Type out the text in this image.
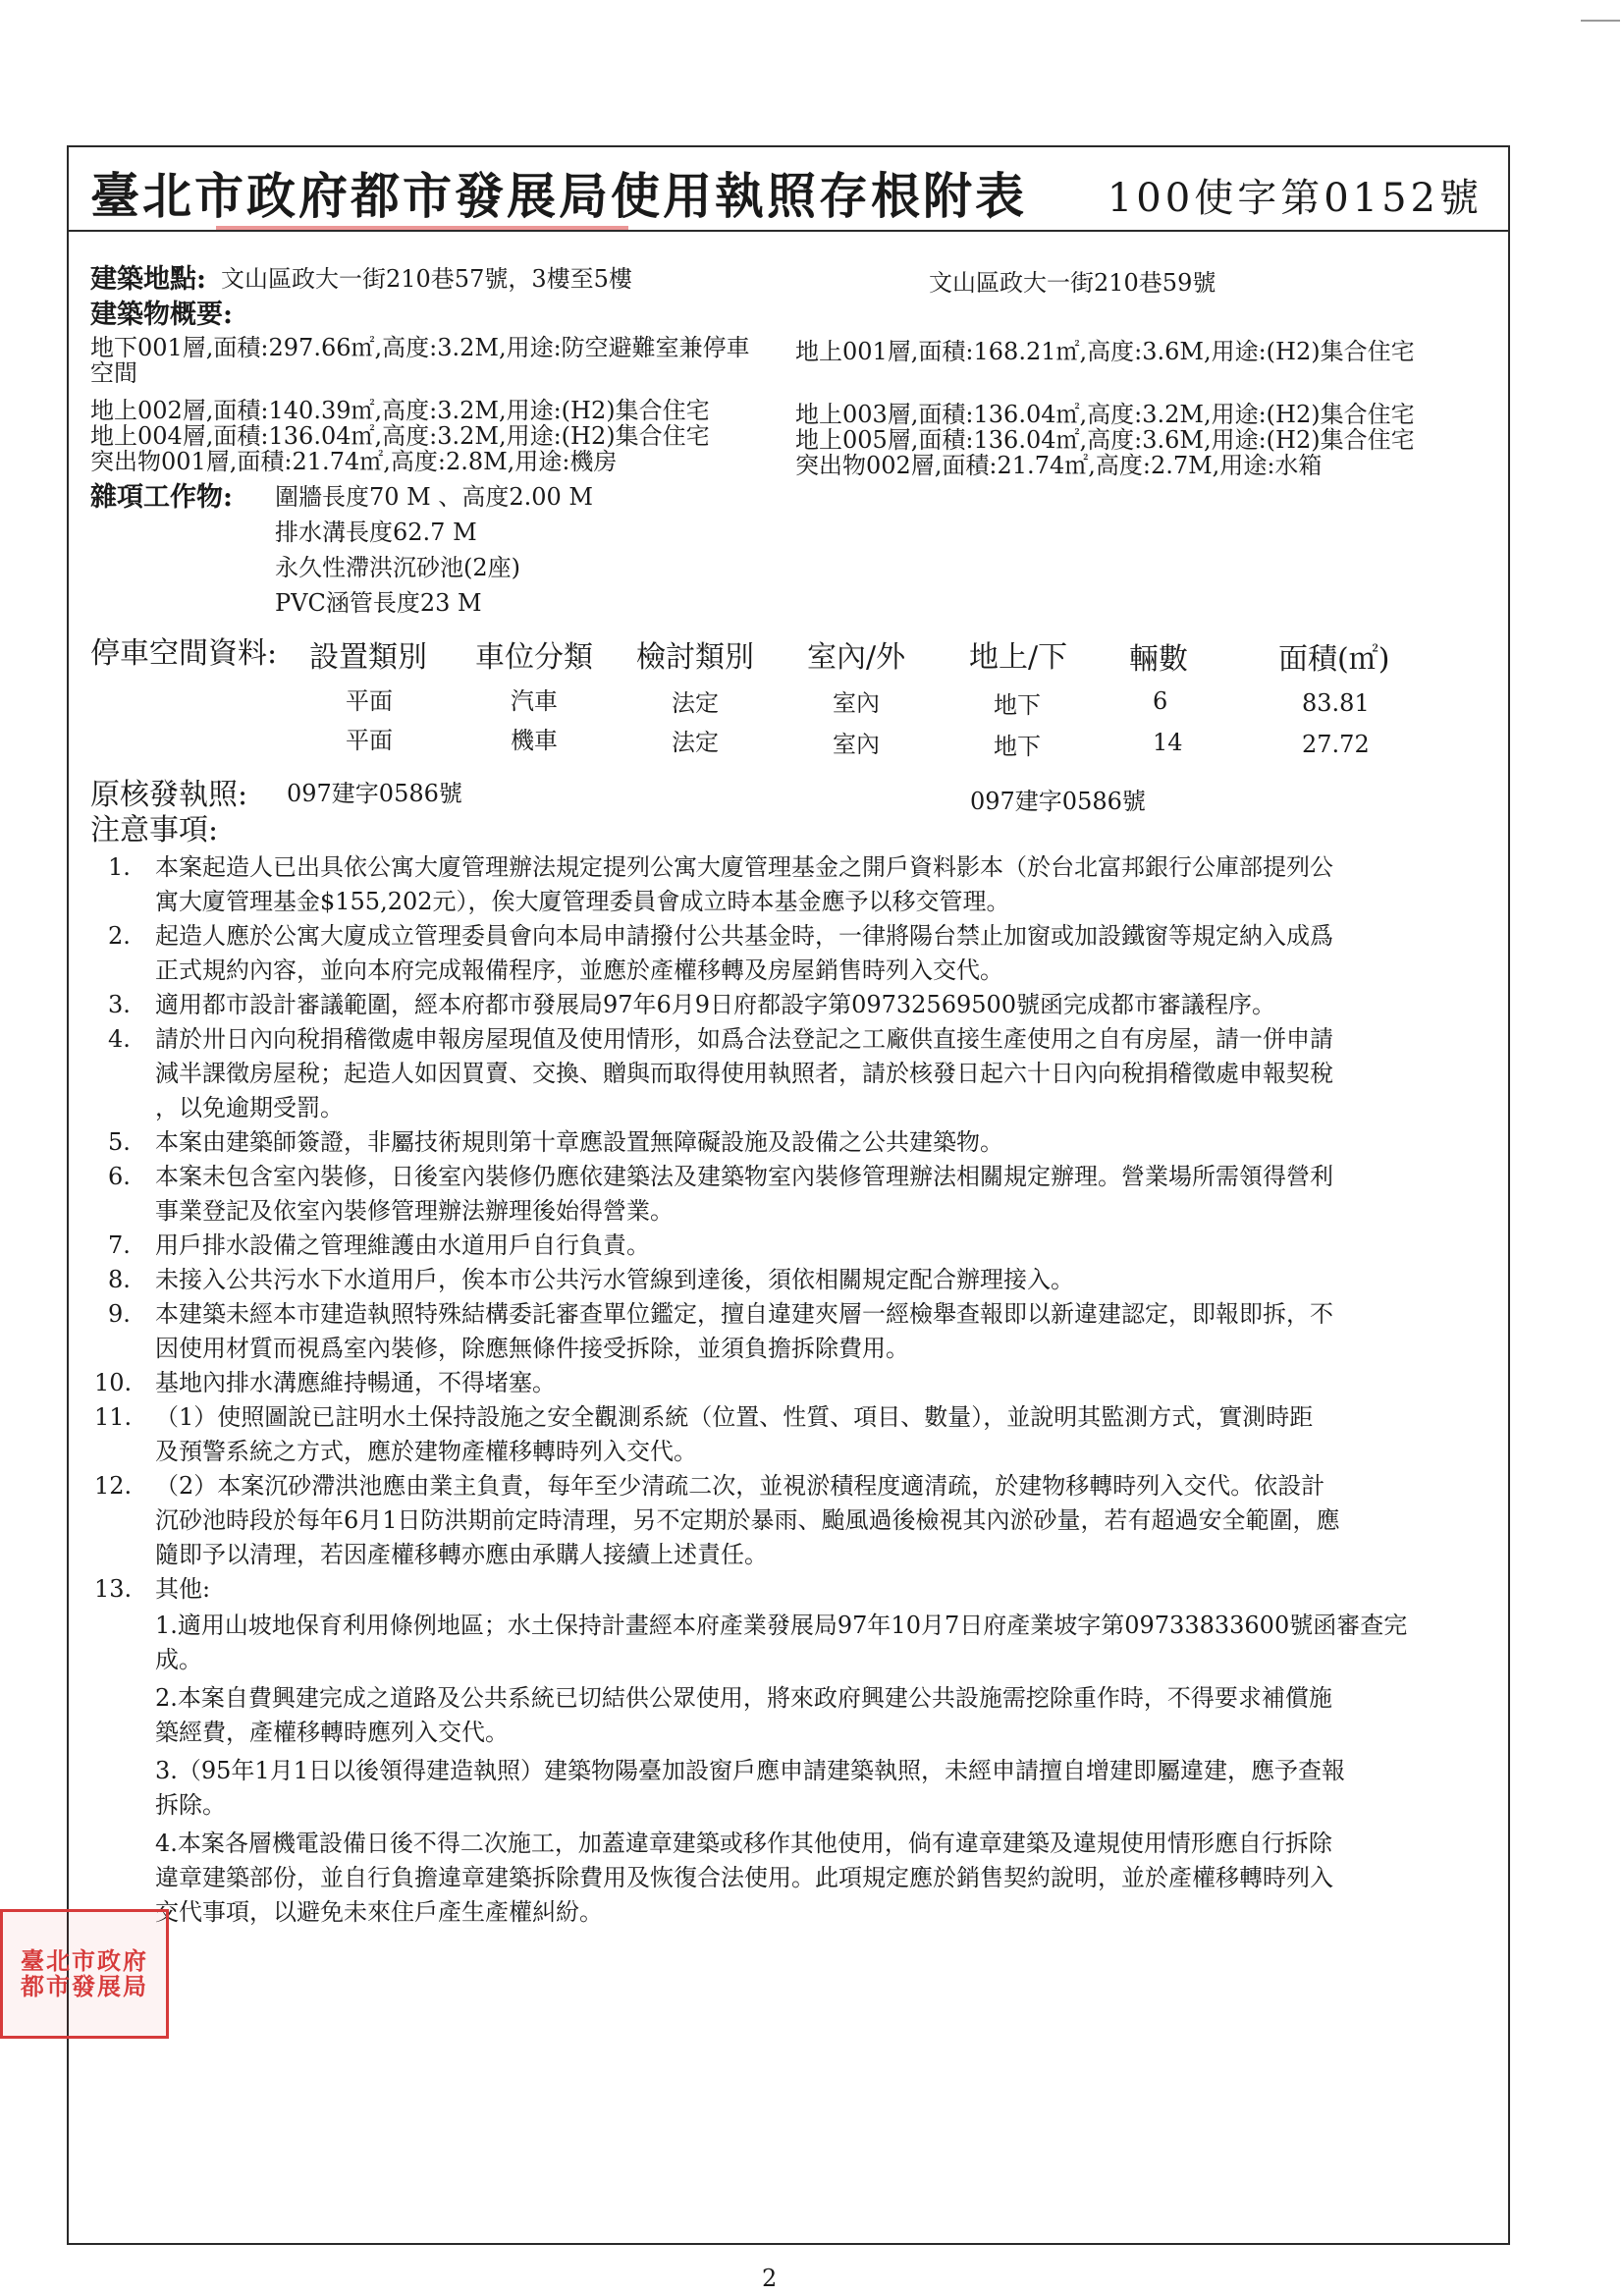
臺北市政府都市發展局使用執照存根附表 100使字第0152號
建築地點: 文山區政大一街210巷57號，3樓至5樓	文山區政大一街210巷59號
建築物概要:
地下001層,面積:297.66㎡,高度:3.2M,用途:防空避難室兼停車
空間
地上002層,面積:140.39㎡,高度:3.2M,用途:(H2)集合住宅
地上004層,面積:136.04㎡,高度:3.2M,用途:(H2)集合住宅
突出物001層,面積:21.74㎡,高度:2.8M,用途:機房
地上001層,面積:168.21㎡,高度:3.6M,用途:(H2)集合住宅
地上003層,面積:136.04㎡,高度:3.2M,用途:(H2)集合住宅
地上005層,面積:136.04㎡,高度:3.6M,用途:(H2)集合住宅
突出物002層,面積:21.74㎡,高度:2.7M,用途:水箱
雜項工作物: 圍牆長度70 M 、高度2.00 M
排水溝長度62.7 M
永久性滯洪沉砂池(2座)
PVC涵管長度23 M
停車空間資料: 設置類別 車位分類 檢討類別 室內/外 地上/下 輛數	面積(㎡)
平面	汽車	法定	室內	地下	6	83.81
平面	機車	法定	室內	地下	14	27.72
原核發執照: 097建字0586號	097建字0586號
注意事項:
1. 本案起造人已出具依公寓大廈管理辦法規定提列公寓大廈管理基金之開戶資料影本（於台北富邦銀行公庫部提列公
寓大廈管理基金$155,202元），俟大廈管理委員會成立時本基金應予以移交管理。
2. 起造人應於公寓大廈成立管理委員會向本局申請撥付公共基金時，一律將陽台禁止加窗或加設鐵窗等規定納入成爲
正式規約內容，並向本府完成報備程序，並應於產權移轉及房屋銷售時列入交代。
3. 適用都市設計審議範圍，經本府都市發展局97年6月9日府都設字第09732569500號函完成都市審議程序。
4. 請於卅日內向稅捐稽徵處申報房屋現值及使用情形，如爲合法登記之工廠供直接生產使用之自有房屋，請一併申請
減半課徵房屋稅；起造人如因買賣、交換、贈與而取得使用執照者，請於核發日起六十日內向稅捐稽徵處申報契稅
，以免逾期受罰。
5. 本案由建築師簽證，非屬技術規則第十章應設置無障礙設施及設備之公共建築物。
6. 本案未包含室內裝修，日後室內裝修仍應依建築法及建築物室內裝修管理辦法相關規定辦理。營業場所需領得營利
事業登記及依室內裝修管理辦法辦理後始得營業。
7. 用戶排水設備之管理維護由水道用戶自行負責。
8. 未接入公共污水下水道用戶，俟本市公共污水管線到達後，須依相關規定配合辦理接入。
9. 本建築未經本市建造執照特殊結構委託審查單位鑑定，擅自違建夾層一經檢舉查報即以新違建認定，即報即拆，不
因使用材質而視爲室內裝修，除應無條件接受拆除，並須負擔拆除費用。
10. 基地內排水溝應維持暢通，不得堵塞。
11. （1）使照圖說已註明水土保持設施之安全觀測系統（位置、性質、項目、數量），並說明其監測方式，實測時距
及預警系統之方式，應於建物產權移轉時列入交代。
12. （2）本案沉砂滯洪池應由業主負責，每年至少清疏二次，並視淤積程度適清疏，於建物移轉時列入交代。依設計
沉砂池時段於每年6月1日防洪期前定時清理，另不定期於暴雨、颱風過後檢視其內淤砂量，若有超過安全範圍，應
隨即予以清理，若因產權移轉亦應由承購人接續上述責任。
13. 其他:
1.適用山坡地保育利用條例地區；水土保持計畫經本府產業發展局97年10月7日府產業坡字第09733833600號函審查完
成。
2.本案自費興建完成之道路及公共系統已切結供公眾使用，將來政府興建公共設施需挖除重作時，不得要求補償施
築經費，產權移轉時應列入交代。
3.（95年1月1日以後領得建造執照）建築物陽臺加設窗戶應申請建築執照，未經申請擅自增建即屬違建，應予查報
拆除。
4.本案各層機電設備日後不得二次施工，加蓋違章建築或移作其他使用，倘有違章建築及違規使用情形應自行拆除
違章建築部份，並自行負擔違章建築拆除費用及恢復合法使用。此項規定應於銷售契約說明，並於產權移轉時列入
交代事項，以避免未來住戶產生產權糾紛。
臺北市政府都市發展局
2
